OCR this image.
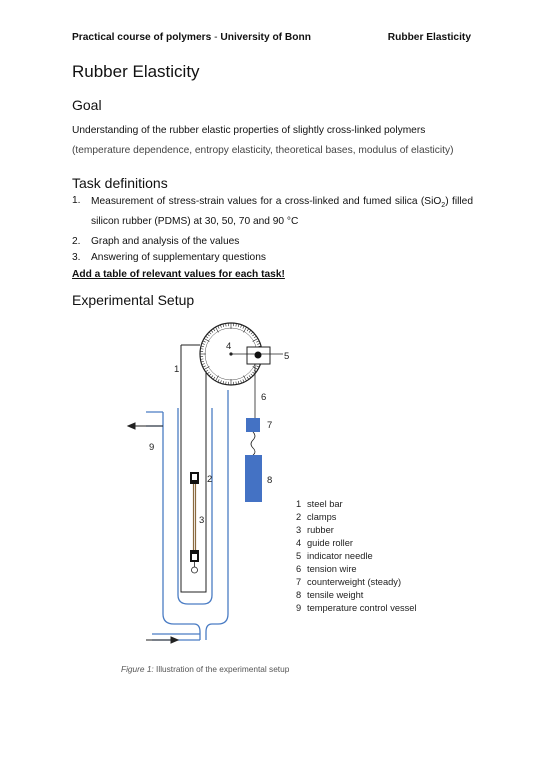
Practical course of polymers - University of Bonn	Rubber Elasticity
Rubber Elasticity
Goal
Understanding of the rubber elastic properties of slightly cross-linked polymers
(temperature dependence, entropy elasticity, theoretical bases, modulus of elasticity)
Task definitions
1.	Measurement of stress-strain values for a cross-linked and fumed silica (SiO$_2$) filled silicon rubber (PDMS) at 30, 50, 70 and 90 °C
2.	Graph and analysis of the values
3.	Answering of supplementary questions
Add a table of relevant values for each task!
Experimental Setup
4
5
1
6
7
9
2	8
3
1 steel bar
2 clamps
3 rubber
4 guide roller
5 indicator needle
6 tension wire
7 counterweight (steady)
8 tensile weight
9 temperature control vessel
Figure 1: Illustration of the experimental setup
